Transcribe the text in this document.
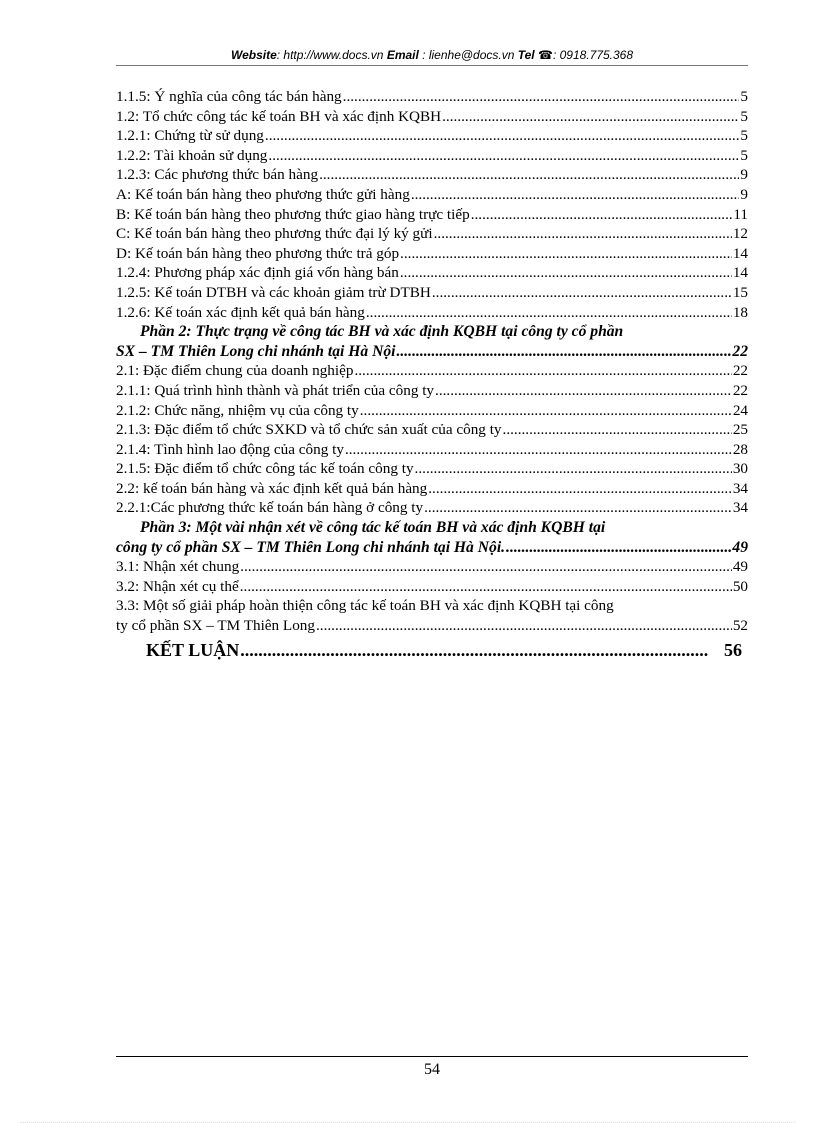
Website: http://www.docs.vn Email : lienhe@docs.vn Tel ☎: 0918.775.368
1.1.5: Ý nghĩa của công tác bán hàng .....	5
1.2: Tổ chức công tác kế toán BH và xác định KQBH .....	5
1.2.1: Chứng từ sử dụng .....	5
1.2.2: Tài khoản sử dụng .....	5
1.2.3: Các phương thức bán hàng .....	9
A: Kế toán bán hàng theo phương thức gửi hàng .....	9
B: Kế toán bán hàng theo phương thức giao hàng trực tiếp .....	11
C: Kế toán bán hàng theo phương thức đại lý ký gửi .....	12
D: Kế toán bán hàng theo phương thức trả góp .....	14
1.2.4: Phương pháp xác định giá vốn hàng bán .....	14
1.2.5: Kế toán DTBH và các khoản giảm trừ DTBH .....	15
1.2.6: Kế toán xác định kết quả bán hàng .....	18
Phần 2: Thực trạng về công tác BH và xác định KQBH tại công ty cổ phần
SX – TM Thiên Long chi nhánh tại Hà Nội .....	22
2.1: Đặc điểm chung của doanh nghiệp .....	22
2.1.1: Quá trình hình thành và phát triển của công ty .....	22
2.1.2: Chức năng, nhiệm vụ của công ty .....	24
2.1.3: Đặc điểm tổ chức SXKD và tổ chức sản xuất của công ty .....	25
2.1.4: Tình hình lao động của công ty .....	28
2.1.5: Đặc điểm tổ chức công tác kế toán công ty .....	30
2.2: kế toán bán hàng và xác định kết quả bán hàng .....	34
2.2.1:Các phương thức kế toán bán hàng ở công ty .....	34
Phần 3: Một vài nhận xét về công tác kế toán BH và xác định KQBH tại
công ty cổ phần SX – TM Thiên Long chi nhánh tại Hà Nội. .....	49
3.1: Nhận xét chung .....	49
3.2: Nhận xét cụ thể .....	50
3.3: Một số giải pháp hoàn thiện công tác kế toán BH và xác định KQBH tại công
ty cổ phần SX – TM Thiên Long .....	52
KẾT LUẬN .....	56
54
